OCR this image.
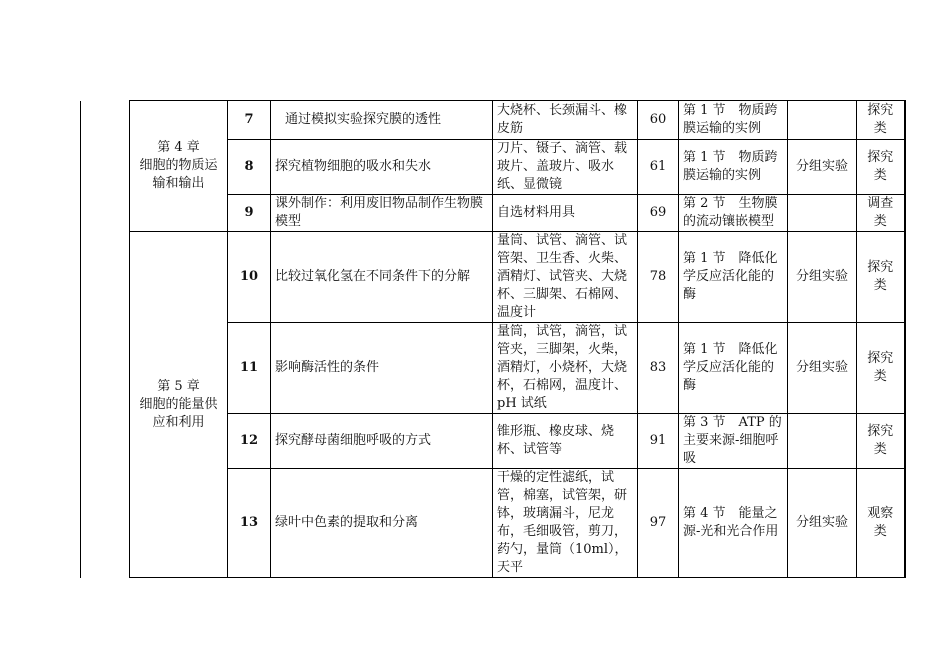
	第 4 章
细胞的物质运
输和输出	7	通过模拟实验探究膜的透性	大烧杯、长颈漏斗、橡皮筋	60	第 1 节　物质跨膜运输的实例		探究类
		8	探究植物细胞的吸水和失水	刀片、镊子、滴管、载玻片、盖玻片、吸水纸、显微镜	61	第 1 节　物质跨膜运输的实例	分组实验	探究类
		9	课外制作：利用废旧物品制作生物膜模型	自选材料用具	69	第 2 节　生物膜的流动镶嵌模型		调查类
	第 5 章
细胞的能量供
应和利用	10	比较过氧化氢在不同条件下的分解	量筒、试管、滴管、试管架、卫生香、火柴、酒精灯、试管夹、大烧杯、三脚架、石棉网、温度计	78	第 1 节　降低化学反应活化能的酶	分组实验	探究类
		11	影响酶活性的条件	量筒，试管，滴管，试管夹，三脚架，火柴，酒精灯，小烧杯，大烧杯，石棉网，温度计、pH 试纸	83	第 1 节　降低化学反应活化能的酶	分组实验	探究类
		12	探究酵母菌细胞呼吸的方式	锥形瓶、橡皮球、烧杯、试管等	91	第 3 节　ATP 的主要来源-细胞呼吸		探究类
		13	绿叶中色素的提取和分离	干燥的定性滤纸，试管，棉塞，试管架，研钵，玻璃漏斗，尼龙布，毛细吸管，剪刀，药勺，量筒（10ml），天平	97	第 4 节　能量之源-光和光合作用	分组实验	观察类
